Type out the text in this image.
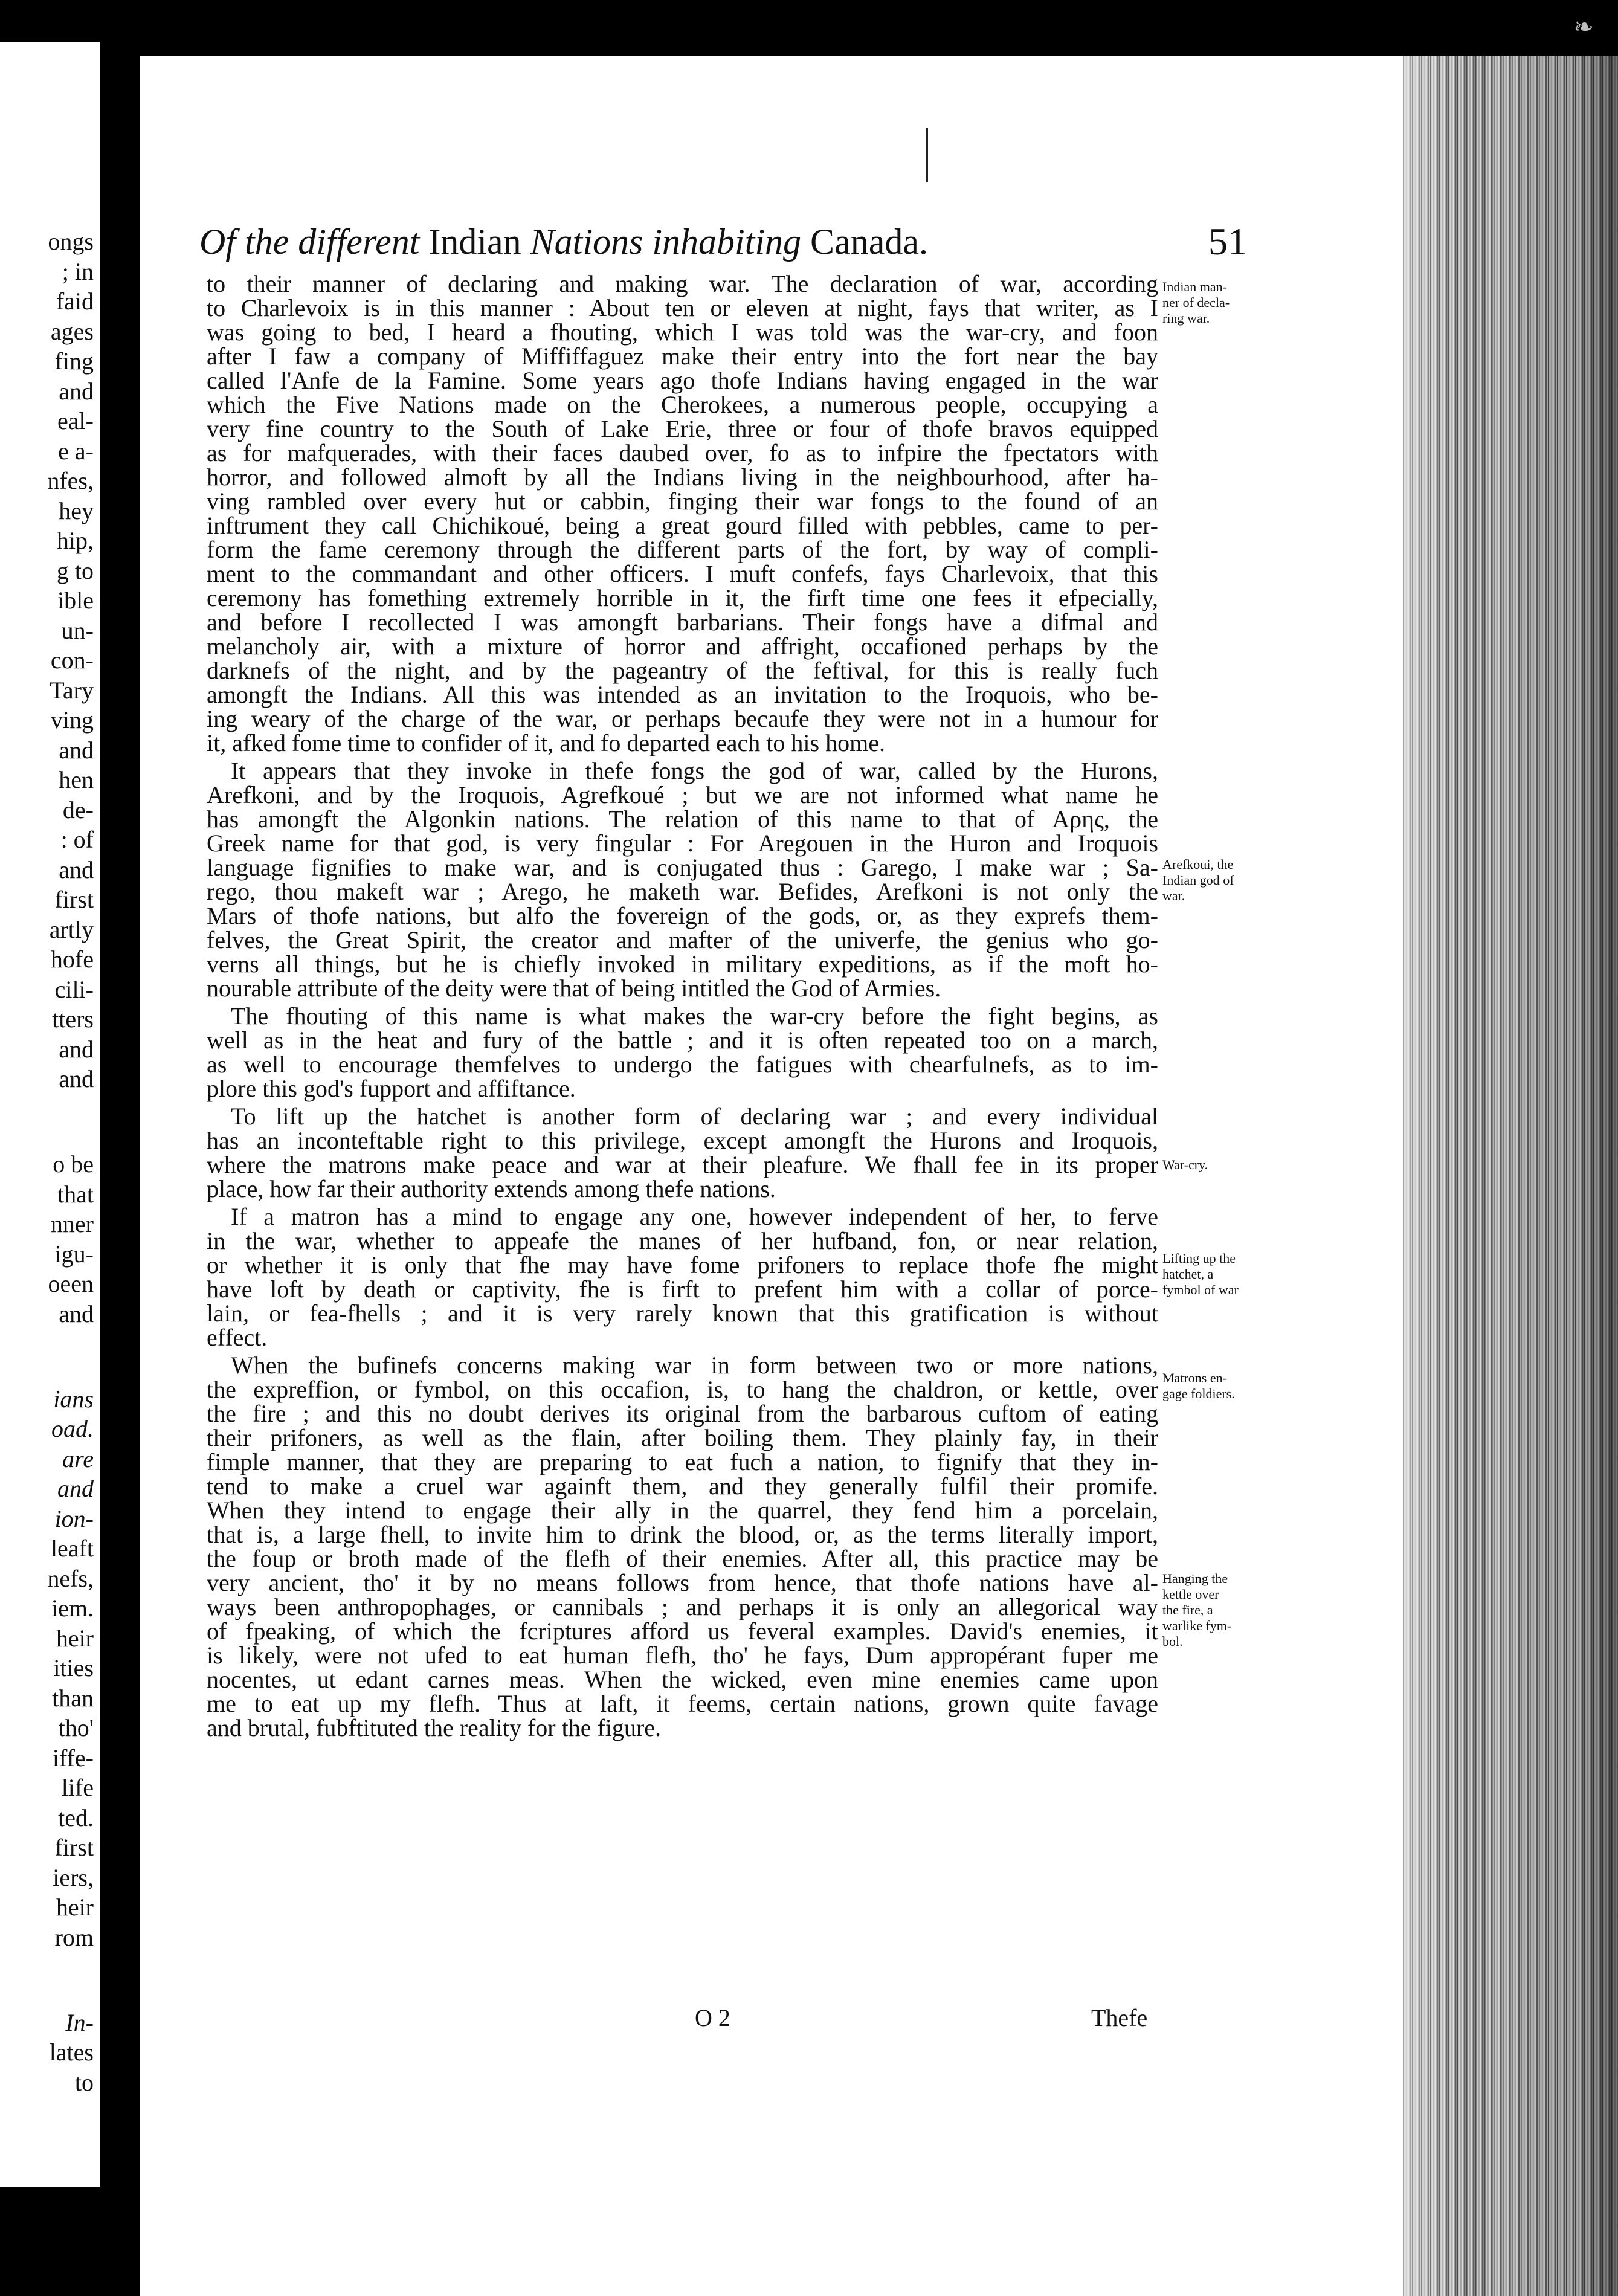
ongs
; in
faid
ages
fing
and
eal-
e a-
nfes,
hey
hip,
g to
ible
un-
con-
Tary
ving
and
hen
de-
: of
and
first
artly
hofe
cili-
tters
and
and
o be
that
nner
igu-
oeen
and
ians
oad.
are
and
ion-
leaft
nefs,
iem.
heir
ities
than
tho'
iffe-
life
ted.
first
iers,
heir
rom
In-
lates
to
❧
Of the different Indian Nations inhabiting Canada.	51
to their manner of declaring and making war. The declaration of war, according
to Charlevoix is in this manner : About ten or eleven at night, fays that writer, as I
was going to bed, I heard a fhouting, which I was told was the war-cry, and foon
after I faw a company of Miffiffaguez make their entry into the fort near the bay
called l'Anfe de la Famine. Some years ago thofe Indians having engaged in the war
which the Five Nations made on the Cherokees, a numerous people, occupying a
very fine country to the South of Lake Erie, three or four of thofe bravos equipped
as for mafquerades, with their faces daubed over, fo as to infpire the fpectators with
horror, and followed almoft by all the Indians living in the neighbourhood, after ha-
ving rambled over every hut or cabbin, finging their war fongs to the found of an
inftrument they call Chichikoué, being a great gourd filled with pebbles, came to per-
form the fame ceremony through the different parts of the fort, by way of compli-
ment to the commandant and other officers. I muft confefs, fays Charlevoix, that this
ceremony has fomething extremely horrible in it, the firft time one fees it efpecially,
and before I recollected I was amongft barbarians. Their fongs have a difmal and
melancholy air, with a mixture of horror and affright, occafioned perhaps by the
darknefs of the night, and by the pageantry of the feftival, for this is really fuch
amongft the Indians. All this was intended as an invitation to the Iroquois, who be-
ing weary of the charge of the war, or perhaps becaufe they were not in a humour for
it, afked fome time to confider of it, and fo departed each to his home.
It appears that they invoke in thefe fongs the god of war, called by the Hurons,
Arefkoni, and by the Iroquois, Agrefkoué ; but we are not informed what name he
has amongft the Algonkin nations. The relation of this name to that of Aρης, the
Greek name for that god, is very fingular : For Aregouen in the Huron and Iroquois
language fignifies to make war, and is conjugated thus : Garego, I make war ; Sa-
rego, thou makeft war ; Arego, he maketh war. Befides, Arefkoni is not only the
Mars of thofe nations, but alfo the fovereign of the gods, or, as they exprefs them-
felves, the Great Spirit, the creator and mafter of the univerfe, the genius who go-
verns all things, but he is chiefly invoked in military expeditions, as if the moft ho-
nourable attribute of the deity were that of being intitled the God of Armies.
The fhouting of this name is what makes the war-cry before the fight begins, as
well as in the heat and fury of the battle ; and it is often repeated too on a march,
as well to encourage themfelves to undergo the fatigues with chearfulnefs, as to im-
plore this god's fupport and affiftance.
To lift up the hatchet is another form of declaring war ; and every individual
has an inconteftable right to this privilege, except amongft the Hurons and Iroquois,
where the matrons make peace and war at their pleafure. We fhall fee in its proper
place, how far their authority extends among thefe nations.
If a matron has a mind to engage any one, however independent of her, to ferve
in the war, whether to appeafe the manes of her hufband, fon, or near relation,
or whether it is only that fhe may have fome prifoners to replace thofe fhe might
have loft by death or captivity, fhe is firft to prefent him with a collar of porce-
lain, or fea-fhells ; and it is very rarely known that this gratification is without
effect.
When the bufinefs concerns making war in form between two or more nations,
the expreffion, or fymbol, on this occafion, is, to hang the chaldron, or kettle, over
the fire ; and this no doubt derives its original from the barbarous cuftom of eating
their prifoners, as well as the flain, after boiling them. They plainly fay, in their
fimple manner, that they are preparing to eat fuch a nation, to fignify that they in-
tend to make a cruel war againft them, and they generally fulfil their promife.
When they intend to engage their ally in the quarrel, they fend him a porcelain,
that is, a large fhell, to invite him to drink the blood, or, as the terms literally import,
the foup or broth made of the flefh of their enemies. After all, this practice may be
very ancient, tho' it by no means follows from hence, that thofe nations have al-
ways been anthropophages, or cannibals ; and perhaps it is only an allegorical way
of fpeaking, of which the fcriptures afford us feveral examples. David's enemies, it
is likely, were not ufed to eat human flefh, tho' he fays, Dum appropérant fuper me
nocentes, ut edant carnes meas. When the wicked, even mine enemies came upon
me to eat up my flefh. Thus at laft, it feems, certain nations, grown quite favage
and brutal, fubftituted the reality for the figure.
Indian man-
ner of decla-
ring war.
Arefkoui, the
Indian god of
war.
War-cry.
Lifting up the
hatchet, a
fymbol of war
Matrons en-
gage foldiers.
Hanging the
kettle over
the fire, a
warlike fym-
bol.
O 2	Thefe
